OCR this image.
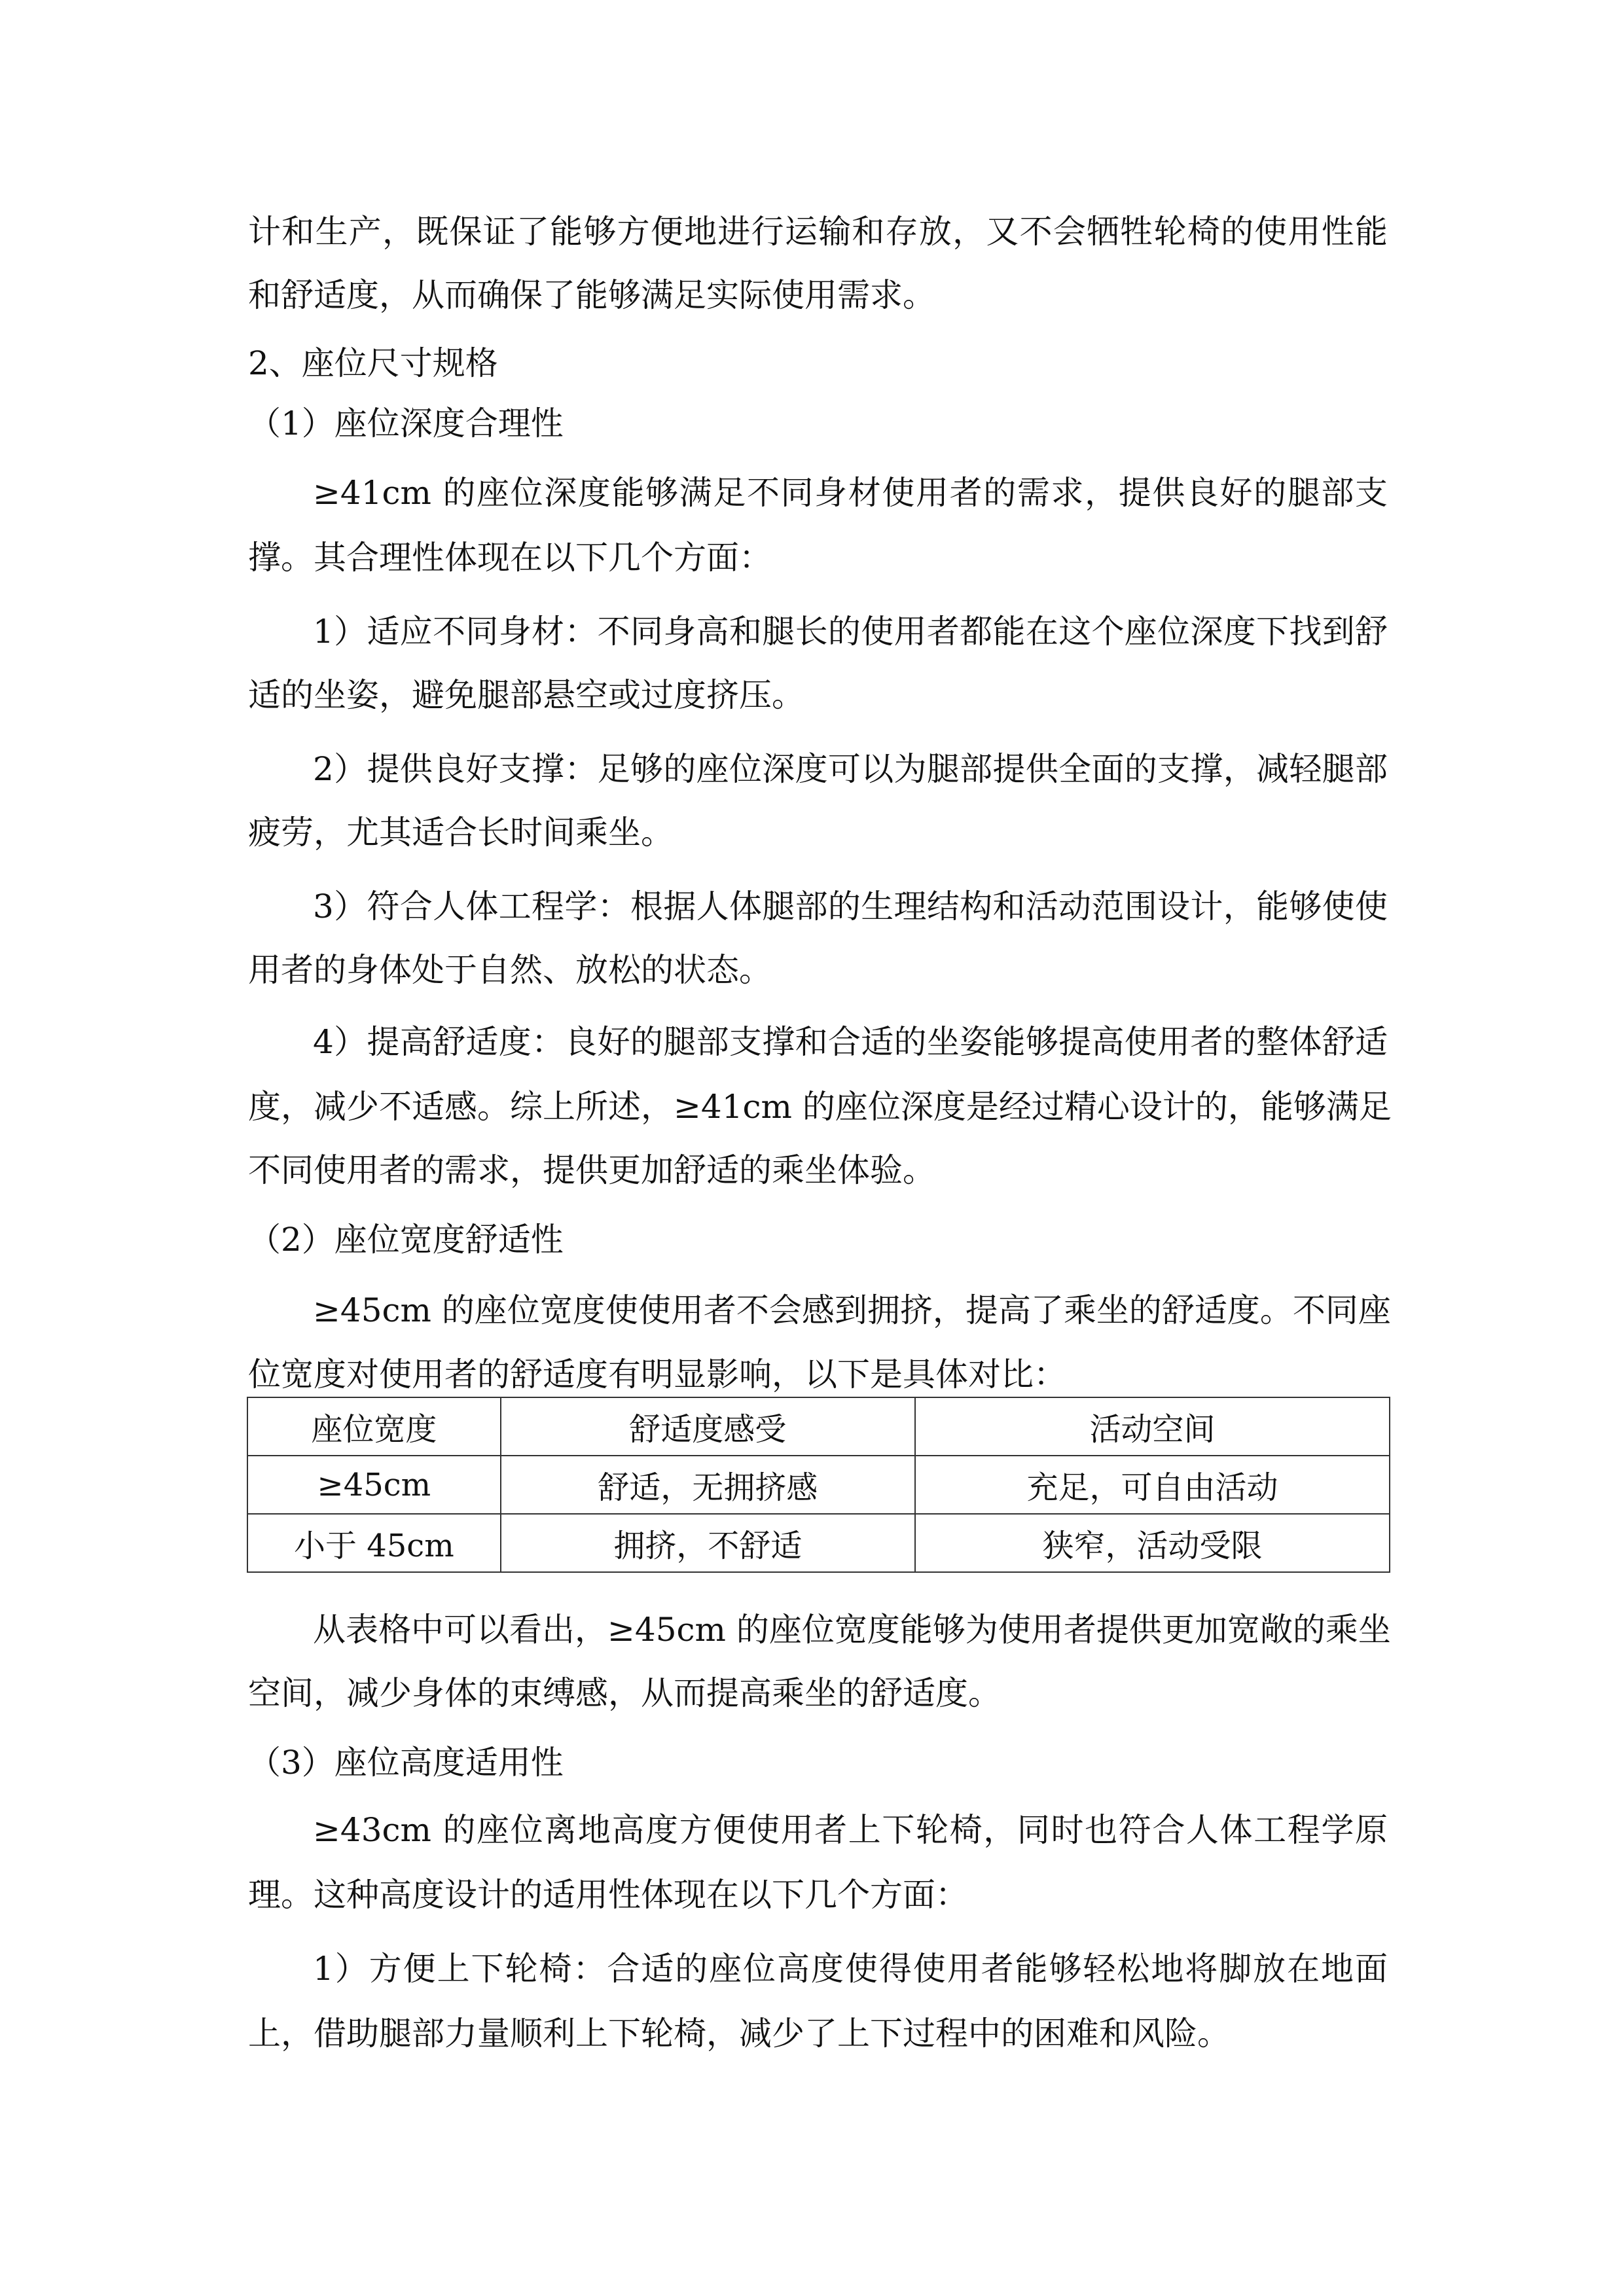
计和生产，既保证了能够方便地进行运输和存放，又不会牺牲轮椅的使用性能
和舒适度，从而确保了能够满足实际使用需求。
2、座位尺寸规格
（1）座位深度合理性
≥41cm 的座位深度能够满足不同身材使用者的需求，提供良好的腿部支
撑。其合理性体现在以下几个方面：
1）适应不同身材：不同身高和腿长的使用者都能在这个座位深度下找到舒
适的坐姿，避免腿部悬空或过度挤压。
2）提供良好支撑：足够的座位深度可以为腿部提供全面的支撑，减轻腿部
疲劳，尤其适合长时间乘坐。
3）符合人体工程学：根据人体腿部的生理结构和活动范围设计，能够使使
用者的身体处于自然、放松的状态。
4）提高舒适度：良好的腿部支撑和合适的坐姿能够提高使用者的整体舒适
度，减少不适感。综上所述，≥41cm 的座位深度是经过精心设计的，能够满足
不同使用者的需求，提供更加舒适的乘坐体验。
（2）座位宽度舒适性
≥45cm 的座位宽度使使用者不会感到拥挤，提高了乘坐的舒适度。不同座
位宽度对使用者的舒适度有明显影响，以下是具体对比：
从表格中可以看出，≥45cm 的座位宽度能够为使用者提供更加宽敞的乘坐
空间，减少身体的束缚感，从而提高乘坐的舒适度。
（3）座位高度适用性
≥43cm 的座位离地高度方便使用者上下轮椅，同时也符合人体工程学原
理。这种高度设计的适用性体现在以下几个方面：
1）方便上下轮椅：合适的座位高度使得使用者能够轻松地将脚放在地面
上，借助腿部力量顺利上下轮椅，减少了上下过程中的困难和风险。
座位宽度	舒适度感受	活动空间
≥45cm	舒适，无拥挤感	充足，可自由活动
小于 45cm	拥挤，不舒适	狭窄，活动受限
